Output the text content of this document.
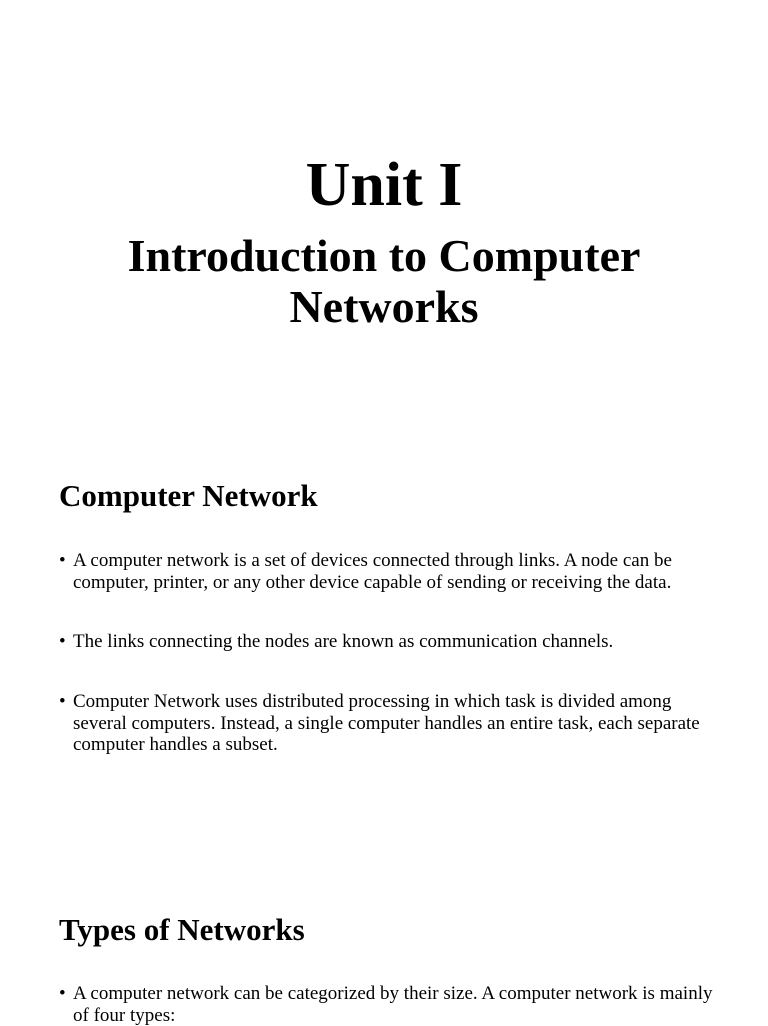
Unit I
Introduction to Computer Networks
Computer Network
• A computer network is a set of devices connected through links. A node can be computer, printer, or any other device capable of sending or receiving the data.
• The links connecting the nodes are known as communication channels.
• Computer Network uses distributed processing in which task is divided among several computers. Instead, a single computer handles an entire task, each separate computer handles a subset.
Types of Networks
• A computer network can be categorized by their size. A computer network is mainly of four types:
